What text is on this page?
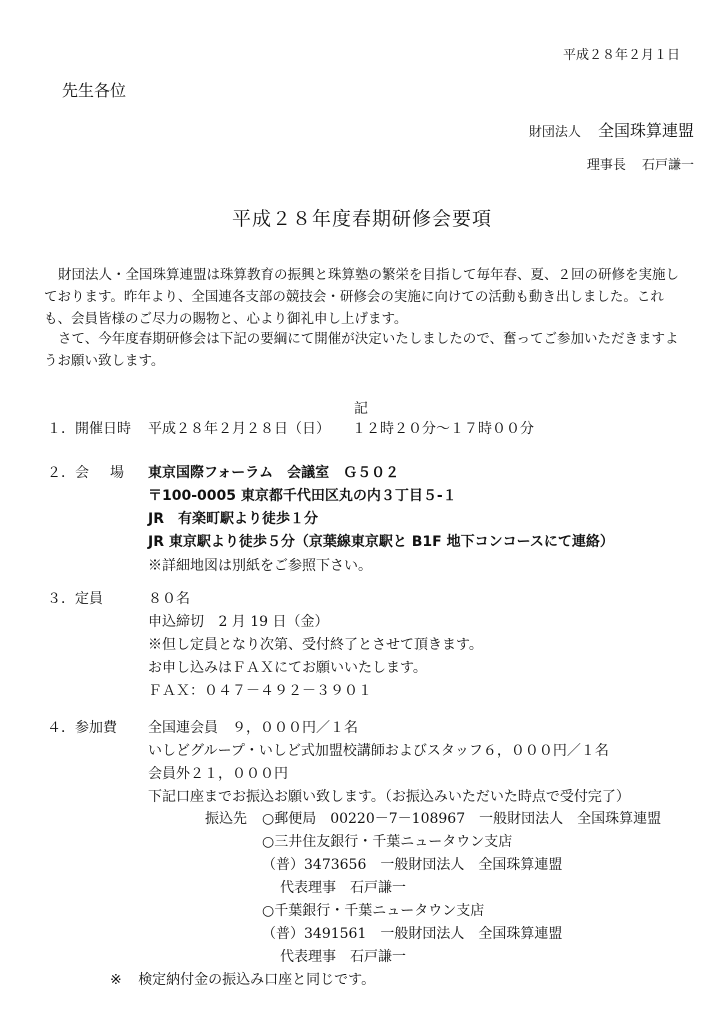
平成２８年２月１日
先生各位
財団法人 全国珠算連盟
理事長 石戸謙一
平成２８年度春期研修会要項
財団法人・全国珠算連盟は珠算教育の振興と珠算塾の繁栄を目指して毎年春、夏、２回の研修を実施しております。昨年より、全国連各支部の競技会・研修会の実施に向けての活動も動き出しました。これも、会員皆様のご尽力の賜物と、心より御礼申し上げます。
さて、今年度春期研修会は下記の要綱にて開催が決定いたしましたので、奮ってご参加いただきますようお願い致します。
記
１．開催日時 平成２８年２月２８日（日） １２時２０分～１７時００分
２．会 場 東京国際フォーラム　会議室　Ｇ５０２
〒100-0005 東京都千代田区丸の内３丁目５-１
JR　有楽町駅より徒歩１分
JR 東京駅より徒歩５分（京葉線東京駅と B1F 地下コンコースにて連絡）
※詳細地図は別紙をご参照下さい。
３．定員	８０名
申込締切 2 月 19 日（金）
※但し定員となり次第、受付終了とさせて頂きます。
お申し込みはＦＡＸにてお願いいたします。
ＦＡＸ：０４７－４９２－３９０１
４．参加費 全国連会員　９，０００円／１名
いしどグループ・いしど式加盟校講師およびスタッフ６，０００円／１名
会員外２１，０００円
下記口座までお振込お願い致します。（お振込みいただいた時点で受付完了）
振込先 ○郵便局　00220－7－108967　一般財団法人　全国珠算連盟
○三井住友銀行・千葉ニュータウン支店
（普）3473656　一般財団法人　全国珠算連盟
代表理事　石戸謙一
○千葉銀行・千葉ニュータウン支店
（普）3491561　一般財団法人　全国珠算連盟
代表理事　石戸謙一
※ 検定納付金の振込み口座と同じです。
